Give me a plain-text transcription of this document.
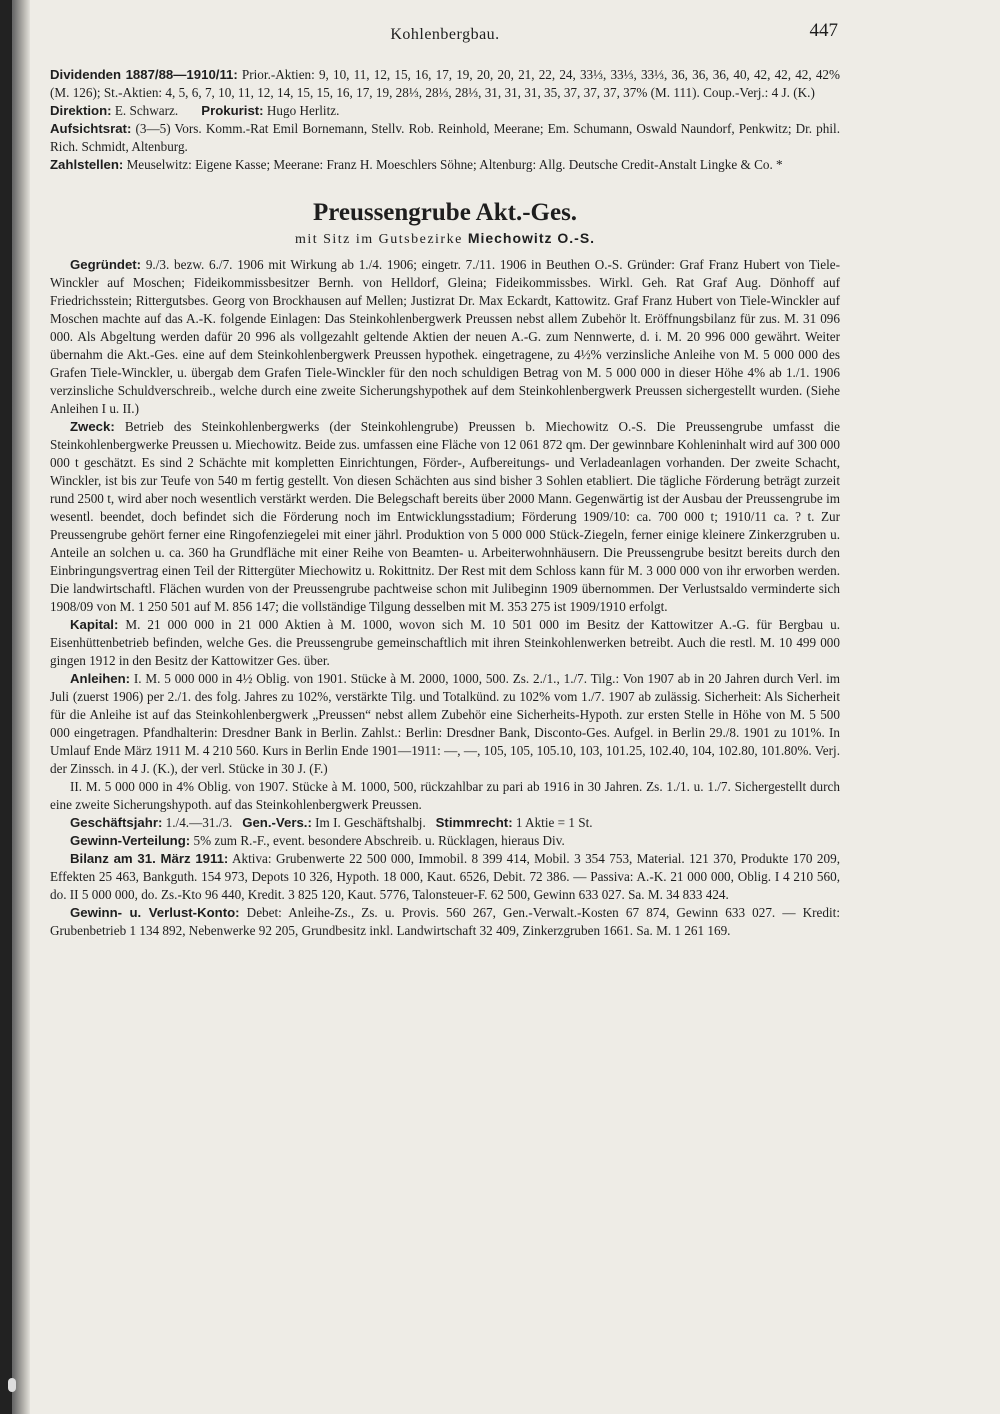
Kohlenbergbau.	447

Dividenden 1887/88—1910/11: Prior.-Aktien: 9, 10, 11, 12, 15, 16, 17, 19, 20, 20, 21, 22, 24, 33⅓, 33⅓, 33⅓, 36, 36, 36, 40, 42, 42, 42, 42% (M. 126); St.-Aktien: 4, 5, 6, 7, 10, 11, 12, 14, 15, 15, 16, 17, 19, 28⅓, 28⅓, 28⅓, 31, 31, 31, 35, 37, 37, 37, 37% (M. 111). Coup.-Verj.: 4 J. (K.)

Direktion: E. Schwarz. Prokurist: Hugo Herlitz.

Aufsichtsrat: (3—5) Vors. Komm.-Rat Emil Bornemann, Stellv. Rob. Reinhold, Meerane; Em. Schumann, Oswald Naundorf, Penkwitz; Dr. phil. Rich. Schmidt, Altenburg.

Zahlstellen: Meuselwitz: Eigene Kasse; Meerane: Franz H. Moeschlers Söhne; Altenburg: Allg. Deutsche Credit-Anstalt Lingke & Co. *

Preussengrube Akt.-Ges.
mit Sitz im Gutsbezirke Miechowitz O.-S.

Gegründet: 9./3. bezw. 6./7. 1906 mit Wirkung ab 1./4. 1906; eingetr. 7./11. 1906 in Beuthen O.-S. Gründer: Graf Franz Hubert von Tiele-Winckler auf Moschen; Fideikommissbesitzer Bernh. von Helldorf, Gleina; Fideikommissbes. Wirkl. Geh. Rat Graf Aug. Dönhoff auf Friedrichsstein; Rittergutsbes. Georg von Brockhausen auf Mellen; Justizrat Dr. Max Eckardt, Kattowitz. Graf Franz Hubert von Tiele-Winckler auf Moschen machte auf das A.-K. folgende Einlagen: Das Steinkohlenbergwerk Preussen nebst allem Zubehör lt. Eröffnungsbilanz für zus. M. 31 096 000. Als Abgeltung werden dafür 20 996 als vollgezahlt geltende Aktien der neuen A.-G. zum Nennwerte, d. i. M. 20 996 000 gewährt. Weiter übernahm die Akt.-Ges. eine auf dem Steinkohlenbergwerk Preussen hypothek. eingetragene, zu 4½% verzinsliche Anleihe von M. 5 000 000 des Grafen Tiele-Winckler, u. übergab dem Grafen Tiele-Winckler für den noch schuldigen Betrag von M. 5 000 000 in dieser Höhe 4% ab 1./1. 1906 verzinsliche Schuldverschreib., welche durch eine zweite Sicherungshypothek auf dem Steinkohlenbergwerk Preussen sichergestellt wurden. (Siehe Anleihen I u. II.)

Zweck: Betrieb des Steinkohlenbergwerks (der Steinkohlengrube) Preussen b. Miechowitz O.-S. Die Preussengrube umfasst die Steinkohlenbergwerke Preussen u. Miechowitz. Beide zus. umfassen eine Fläche von 12 061 872 qm. Der gewinnbare Kohleninhalt wird auf 300 000 000 t geschätzt. Es sind 2 Schächte mit kompletten Einrichtungen, Förder-, Aufbereitungs- und Verladeanlagen vorhanden. Der zweite Schacht, Winckler, ist bis zur Teufe von 540 m fertig gestellt. Von diesen Schächten aus sind bisher 3 Sohlen etabliert. Die tägliche Förderung beträgt zurzeit rund 2500 t, wird aber noch wesentlich verstärkt werden. Die Belegschaft bereits über 2000 Mann. Gegenwärtig ist der Ausbau der Preussengrube im wesentl. beendet, doch befindet sich die Förderung noch im Entwicklungsstadium; Förderung 1909/10: ca. 700 000 t; 1910/11 ca. ? t. Zur Preussengrube gehört ferner eine Ringofenziegelei mit einer jährl. Produktion von 5 000 000 Stück-Ziegeln, ferner einige kleinere Zinkerzgruben u. Anteile an solchen u. ca. 360 ha Grundfläche mit einer Reihe von Beamten- u. Arbeiterwohnhäusern. Die Preussengrube besitzt bereits durch den Einbringungsvertrag einen Teil der Rittergüter Miechowitz u. Rokittnitz. Der Rest mit dem Schloss kann für M. 3 000 000 von ihr erworben werden. Die landwirtschaftl. Flächen wurden von der Preussengrube pachtweise schon mit Julibeginn 1909 übernommen. Der Verlustsaldo verminderte sich 1908/09 von M. 1 250 501 auf M. 856 147; die vollständige Tilgung desselben mit M. 353 275 ist 1909/1910 erfolgt.

Kapital: M. 21 000 000 in 21 000 Aktien à M. 1000, wovon sich M. 10 501 000 im Besitz der Kattowitzer A.-G. für Bergbau u. Eisenhüttenbetrieb befinden, welche Ges. die Preussengrube gemeinschaftlich mit ihren Steinkohlenwerken betreibt. Auch die restl. M. 10 499 000 gingen 1912 in den Besitz der Kattowitzer Ges. über.

Anleihen: I. M. 5 000 000 in 4½ Oblig. von 1901. Stücke à M. 2000, 1000, 500. Zs. 2./1., 1./7. Tilg.: Von 1907 ab in 20 Jahren durch Verl. im Juli (zuerst 1906) per 2./1. des folg. Jahres zu 102%, verstärkte Tilg. und Totalkünd. zu 102% vom 1./7. 1907 ab zulässig. Sicherheit: Als Sicherheit für die Anleihe ist auf das Steinkohlenbergwerk „Preussen“ nebst allem Zubehör eine Sicherheits-Hypoth. zur ersten Stelle in Höhe von M. 5 500 000 eingetragen. Pfandhalterin: Dresdner Bank in Berlin. Zahlst.: Berlin: Dresdner Bank, Disconto-Ges. Aufgel. in Berlin 29./8. 1901 zu 101%. In Umlauf Ende März 1911 M. 4 210 560. Kurs in Berlin Ende 1901—1911: —, —, 105, 105, 105.10, 103, 101.25, 102.40, 104, 102.80, 101.80%. Verj. der Zinssch. in 4 J. (K.), der verl. Stücke in 30 J. (F.)

II. M. 5 000 000 in 4% Oblig. von 1907. Stücke à M. 1000, 500, rückzahlbar zu pari ab 1916 in 30 Jahren. Zs. 1./1. u. 1./7. Sichergestellt durch eine zweite Sicherungshypoth. auf das Steinkohlenbergwerk Preussen.

Geschäftsjahr: 1./4.—31./3. Gen.-Vers.: Im I. Geschäftshalbj. Stimmrecht: 1 Aktie = 1 St.

Gewinn-Verteilung: 5% zum R.-F., event. besondere Abschreib. u. Rücklagen, hieraus Div.

Bilanz am 31. März 1911: Aktiva: Grubenwerte 22 500 000, Immobil. 8 399 414, Mobil. 3 354 753, Material. 121 370, Produkte 170 209, Effekten 25 463, Bankguth. 154 973, Depots 10 326, Hypoth. 18 000, Kaut. 6526, Debit. 72 386. — Passiva: A.-K. 21 000 000, Oblig. I 4 210 560, do. II 5 000 000, do. Zs.-Kto 96 440, Kredit. 3 825 120, Kaut. 5776, Talonsteuer-F. 62 500, Gewinn 633 027. Sa. M. 34 833 424.

Gewinn- u. Verlust-Konto: Debet: Anleihe-Zs., Zs. u. Provis. 560 267, Gen.-Verwalt.-Kosten 67 874, Gewinn 633 027. — Kredit: Grubenbetrieb 1 134 892, Nebenwerke 92 205, Grundbesitz inkl. Landwirtschaft 32 409, Zinkerzgruben 1661. Sa. M. 1 261 169.
